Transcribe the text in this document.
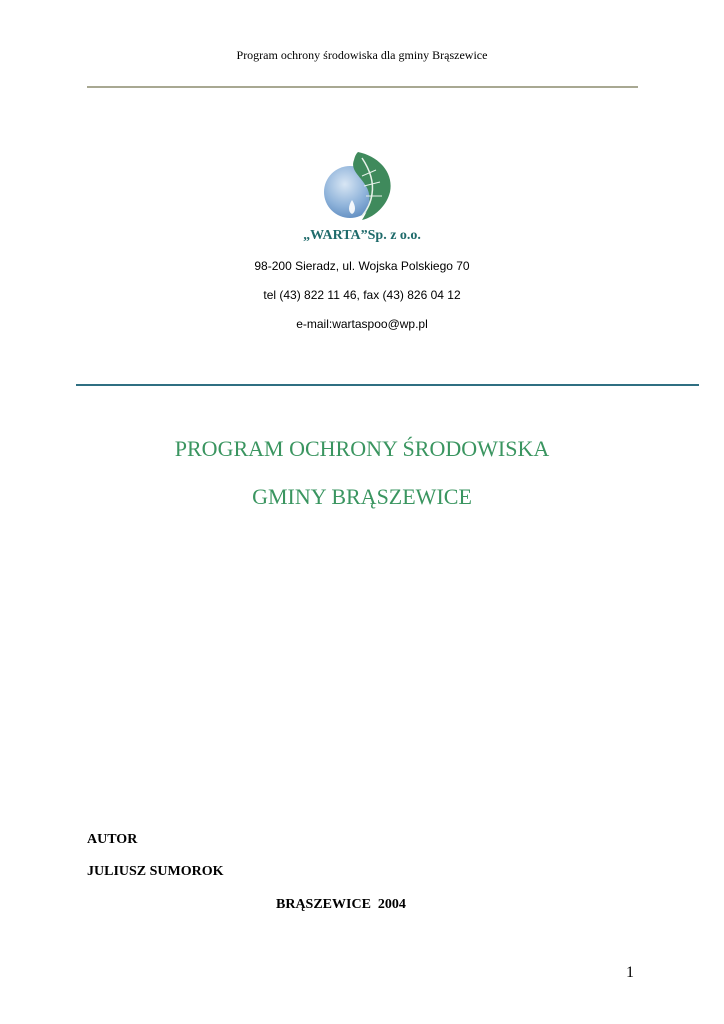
Program ochrony środowiska dla gminy Brąszewice
„WARTA”Sp. z o.o.
98-200 Sieradz, ul. Wojska Polskiego 70
tel (43) 822 11 46, fax (43) 826 04 12
e-mail:wartaspoo@wp.pl
PROGRAM OCHRONY ŚRODOWISKA
GMINY BRĄSZEWICE
AUTOR
JULIUSZ SUMOROK
BRĄSZEWICE  2004
1
